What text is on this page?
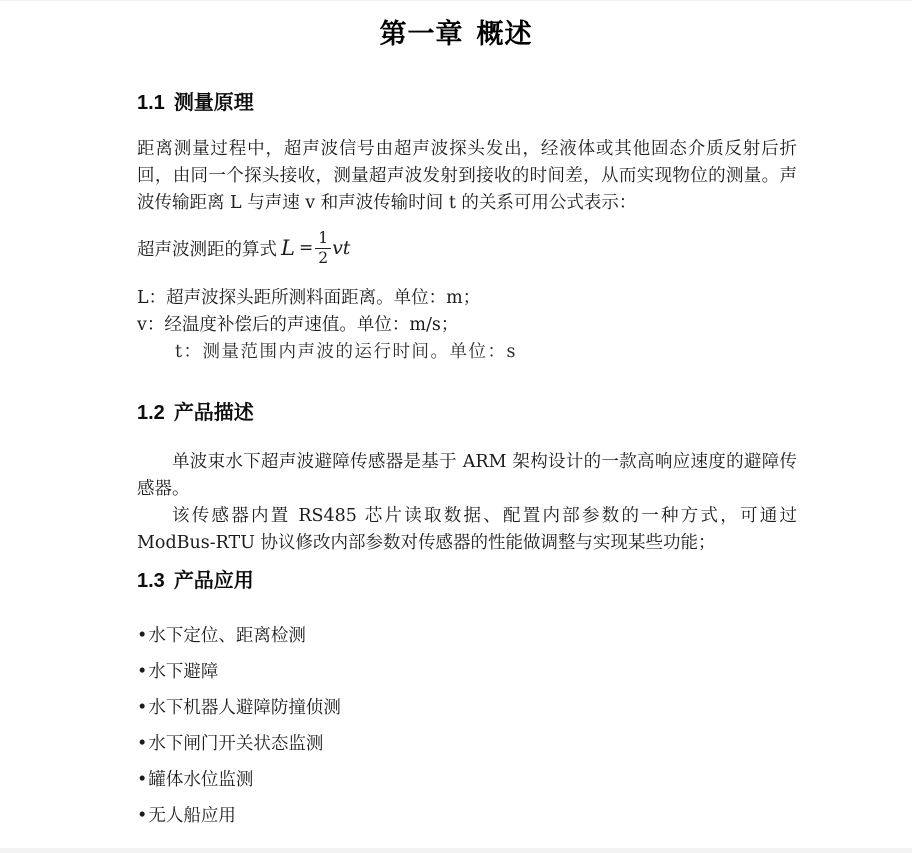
第一章 概述
1.1 测量原理

距离测量过程中，超声波信号由超声波探头发出，经液体或其他固态介质反射后折回，由同一个探头接收，测量超声波发射到接收的时间差，从而实现物位的测量。声波传输距离 L 与声速 v 和声波传输时间 t 的关系可用公式表示：

超声波测距的算式 $L = \frac{1}{2}$ vt
L：超声波探头距所测料面距离。单位：m；
v：经温度补偿后的声速值。单位：m/s；
t：测量范围内声波的运行时间。单位：s
1.2 产品描述

单波束水下超声波避障传感器是基于 ARM 架构设计的一款高响应速度的避障传感器。

该传感器内置 RS485 芯片读取数据、配置内部参数的一种方式，可通过 ModBus-RTU 协议修改内部参数对传感器的性能做调整与实现某些功能；

1.3 产品应用
•水下定位、距离检测
•水下避障
•水下机器人避障防撞侦测
•水下闸门开关状态监测
•罐体水位监测
•无人船应用
